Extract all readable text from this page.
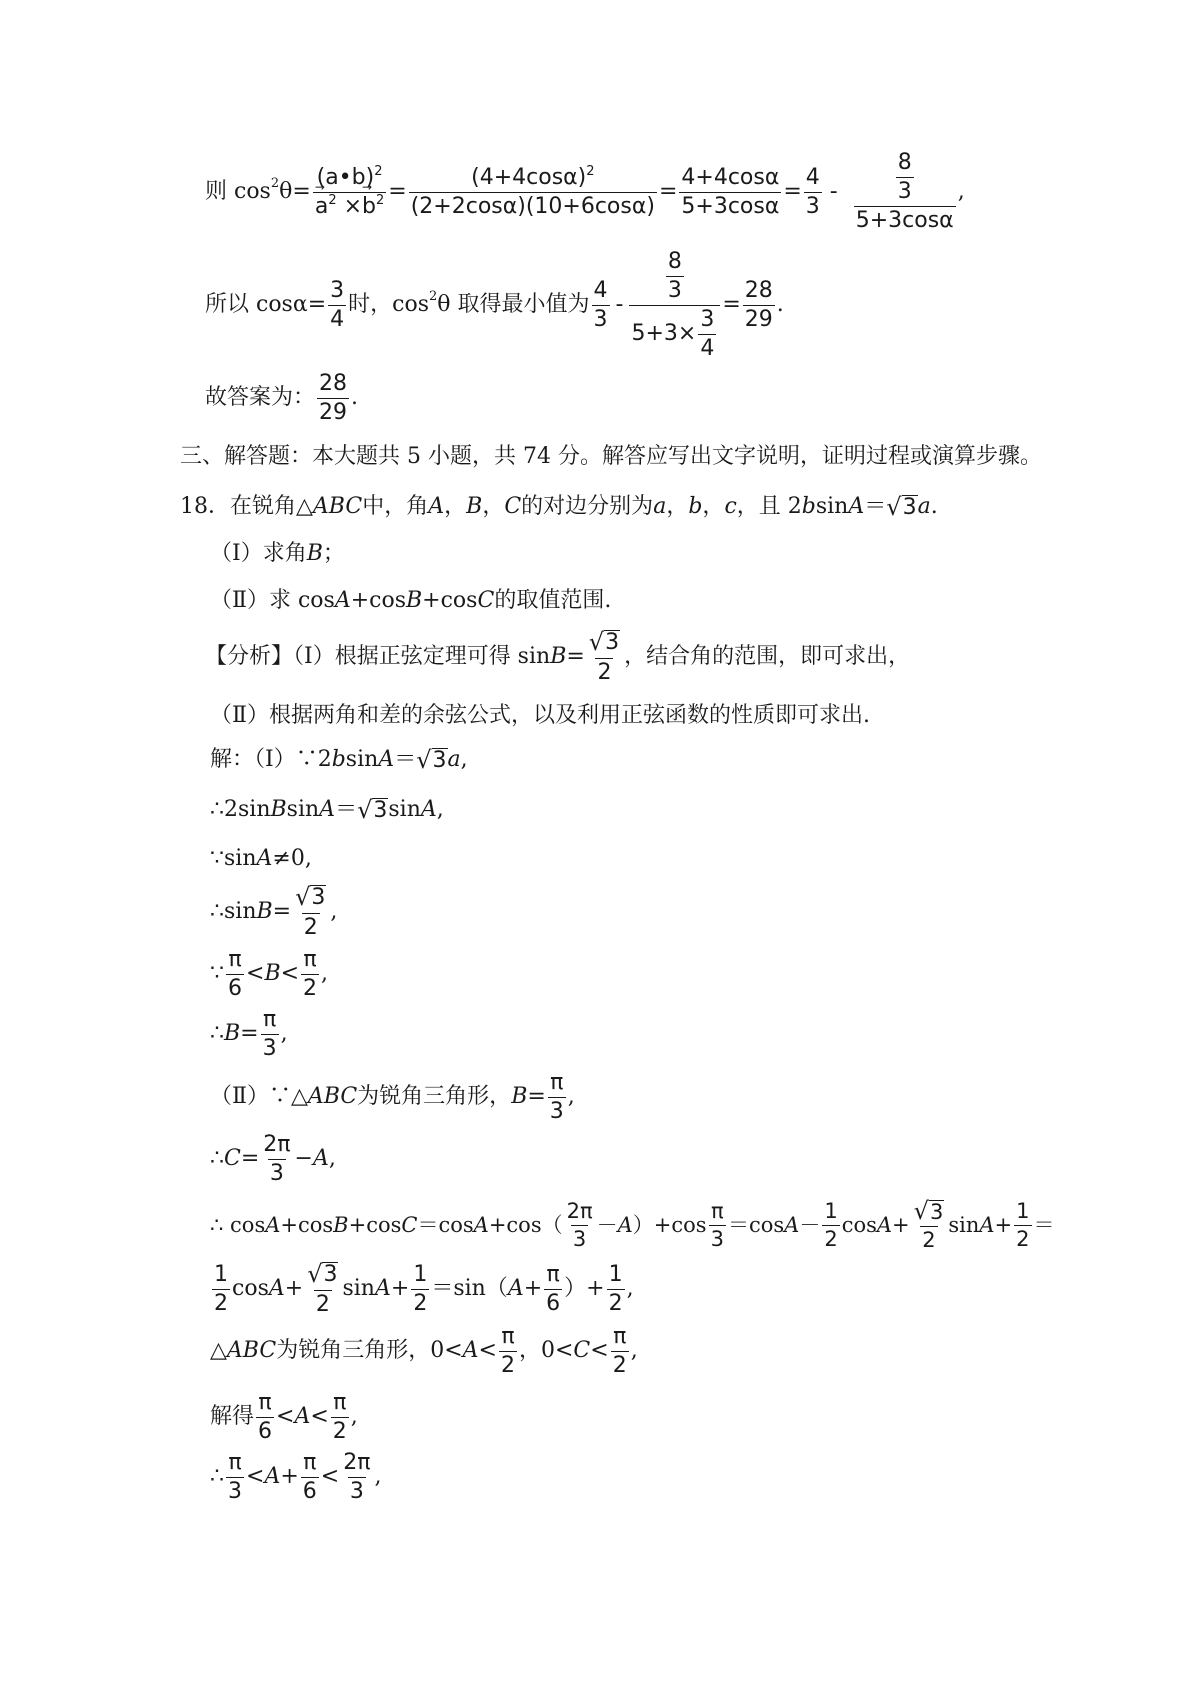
则 cos 2 θ= (a•b)$^2$
→ $a^2 \times\to b^2 = \frac{(4+4\cos\alpha)^2}{(2+2\cos\alpha)(10+6\cos\alpha)} = \frac{4+4\cos\alpha}{5+3\cos\alpha} = \frac{4}{3} - \frac{\frac{8}{3}}{5+3\cos\alpha}$ ,
所以 $\cos\alpha= \frac{3}{4}$ 时，cos 2 θ 取得最小值为 $\frac{4}{3} - \frac{\frac{8}{3}}{5+3\times \frac{3}{4}} = \frac{28}{29}$ .
故答案为： $\frac{28}{29}$ .
三、解答题：本大题共 5 小题，共 74 分。解答应写出文字说明，证明过程或演算步骤。
18．在锐角△ ABC 中，角 A ， B ， C 的对边分别为 a ， b ， c ，且 2 b sin A ＝ √ 3 a .
（Ⅰ）求角 B ；
（Ⅱ）求 cos A +cos B +cos C 的取值范围.
【分析】（Ⅰ）根据正弦定理可得 $\sin B = \frac{√ 3}{2}$ ，结合角的范围，即可求出，
（Ⅱ）根据两角和差的余弦公式，以及利用正弦函数的性质即可求出.
解：（Ⅰ）∵2 b sin A ＝ √ 3 a ,
∴2sin B sin A ＝ √ 3 sin A ,
∵sin A ≠0,
∴sin $B = \frac{√ 3}{2}$ ,
∵ $\frac{\pi}{6} < B < \frac{\pi}{2}$ ,
∴ $B = \frac{\pi}{3}$ ,
（Ⅱ）∵△ ABC 为锐角三角形， $B = \frac{\pi}{3}$ ,
∴ $C = \frac{2\pi}{3} - A$ ,
∴ cos A +cos B +cos C ＝cos $A +\cos( \frac{2\pi}{3} - A$ ）$+\cos \frac{\pi}{3} =\cos$ $A - \frac{1}{2}$ $\cos A + \frac{√ 3}{2}$ $\sin A + \frac{1}{2}$ ＝
$\frac{1}{2}$ $\cos A + \frac{√ 3}{2}$ $\sin A + \frac{1}{2} =\sin$（ $A + \frac{\pi}{6}$ ）+ $\frac{1}{2}$ ,
△ ABC 为锐角三角形，$0< A < \frac{\pi}{2}$ ，$0< C < \frac{\pi}{2}$ ,
解得 $\frac{\pi}{6} < A < \frac{\pi}{2}$ ,
∴ $\frac{\pi}{3} < A + \frac{\pi}{6} < \frac{2\pi}{3}$ ,
